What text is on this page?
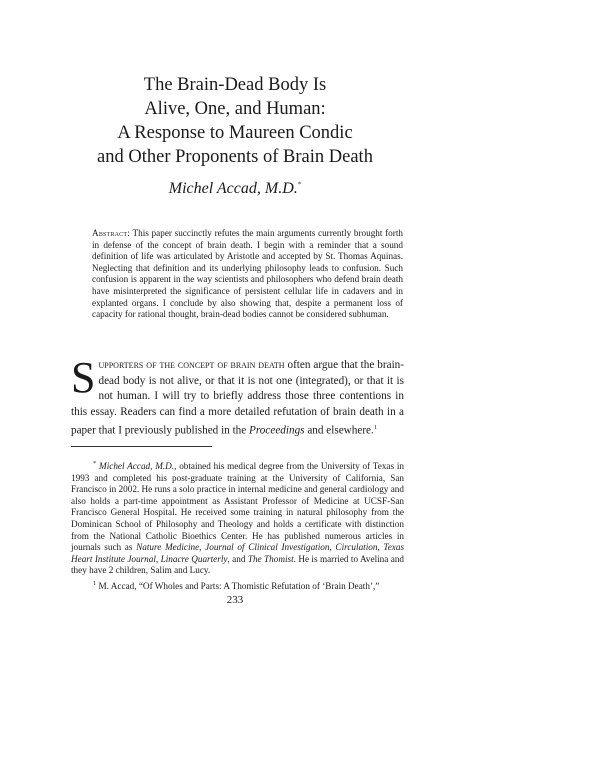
The Brain-Dead Body Is
Alive, One, and Human:
A Response to Maureen Condic
and Other Proponents of Brain Death
Michel Accad, M.D.*
Abstract: This paper succinctly refutes the main arguments currently brought forth in defense of the concept of brain death. I begin with a reminder that a sound definition of life was articulated by Aristotle and accepted by St. Thomas Aquinas. Neglecting that definition and its underlying philosophy leads to confusion. Such confusion is apparent in the way scientists and philosophers who defend brain death have misinterpreted the significance of persistent cellular life in cadavers and in explanted organs. I conclude by also showing that, despite a permanent loss of capacity for rational thought, brain-dead bodies cannot be considered subhuman.
Supporters of the concept of brain death often argue that the brain-dead body is not alive, or that it is not one (integrated), or that it is not human. I will try to briefly address those three contentions in this essay. Readers can find a more detailed refutation of brain death in a paper that I previously published in the Proceedings and elsewhere.$^1$

* Michel Accad, M.D., obtained his medical degree from the University of Texas in 1993 and completed his post-graduate training at the University of California, San Francisco in 2002. He runs a solo practice in internal medicine and general cardiology and also holds a part-time appointment as Assistant Professor of Medicine at UCSF-San Francisco General Hospital. He received some training in natural philosophy from the Dominican School of Philosophy and Theology and holds a certificate with distinction from the National Catholic Bioethics Center. He has published numerous articles in journals such as Nature Medicine, Journal of Clinical Investigation, Circulation, Texas Heart Institute Journal, Linacre Quarterly, and The Thomist. He is married to Avelina and they have 2 children, Salim and Lucy.

$^1$ M. Accad, “Of Wholes and Parts: A Thomistic Refutation of ‘Brain Death’,”

233
